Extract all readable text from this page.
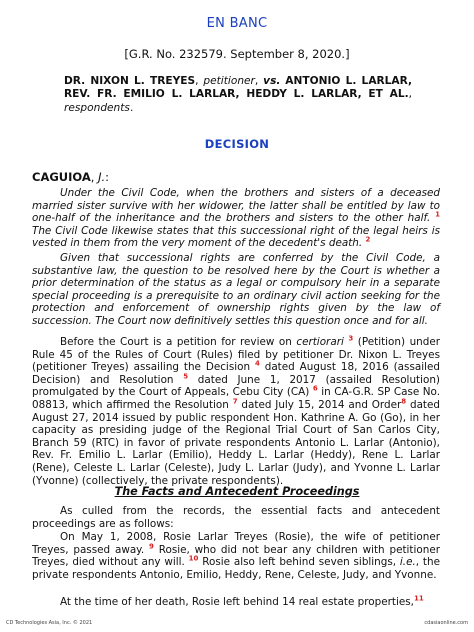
EN BANC
[G.R. No. 232579. September 8, 2020.]
DR. NIXON L. TREYES, petitioner, vs. ANTONIO L. LARLAR, REV. FR. EMILIO L. LARLAR, HEDDY L. LARLAR, ET AL., respondents.
DECISION
CAGUIOA, J.:

Under the Civil Code, when the brothers and sisters of a deceased married sister survive with her widower, the latter shall be entitled by law to one-half of the inheritance and the brothers and sisters to the other half. $^1$ The Civil Code likewise states that this successional right of the legal heirs is vested in them from the very moment of the decedent's death. $^2$

Given that successional rights are conferred by the Civil Code, a substantive law, the question to be resolved here by the Court is whether a prior determination of the status as a legal or compulsory heir in a separate special proceeding is a prerequisite to an ordinary civil action seeking for the protection and enforcement of ownership rights given by the law of succession. The Court now definitively settles this question once and for all.

Before the Court is a petition for review on certiorari $^3$ (Petition) under Rule 45 of the Rules of Court (Rules) filed by petitioner Dr. Nixon L. Treyes (petitioner Treyes) assailing the Decision $^4$ dated August 18, 2016 (assailed Decision) and Resolution $^5$ dated June 1, 2017 (assailed Resolution) promulgated by the Court of Appeals, Cebu City (CA) $^6$ in CA-G.R. SP Case No. 08813, which affirmed the Resolution $^7$ dated July 15, 2014 and Order$^8$ dated August 27, 2014 issued by public respondent Hon. Kathrine A. Go (Go), in her capacity as presiding judge of the Regional Trial Court of San Carlos City, Branch 59 (RTC) in favor of private respondents Antonio L. Larlar (Antonio), Rev. Fr. Emilio L. Larlar (Emilio), Heddy L. Larlar (Heddy), Rene L. Larlar (Rene), Celeste L. Larlar (Celeste), Judy L. Larlar (Judy), and Yvonne L. Larlar (Yvonne) (collectively, the private respondents).

The Facts and Antecedent Proceedings

As culled from the records, the essential facts and antecedent proceedings are as follows:

On May 1, 2008, Rosie Larlar Treyes (Rosie), the wife of petitioner Treyes, passed away. $^9$ Rosie, who did not bear any children with petitioner Treyes, died without any will. $^{10}$ Rosie also left behind seven siblings, i.e., the private respondents Antonio, Emilio, Heddy, Rene, Celeste, Judy, and Yvonne.

At the time of her death, Rosie left behind 14 real estate properties,$^{11}$

CD Technologies Asia, Inc. © 2021	cdasiaonline.com
